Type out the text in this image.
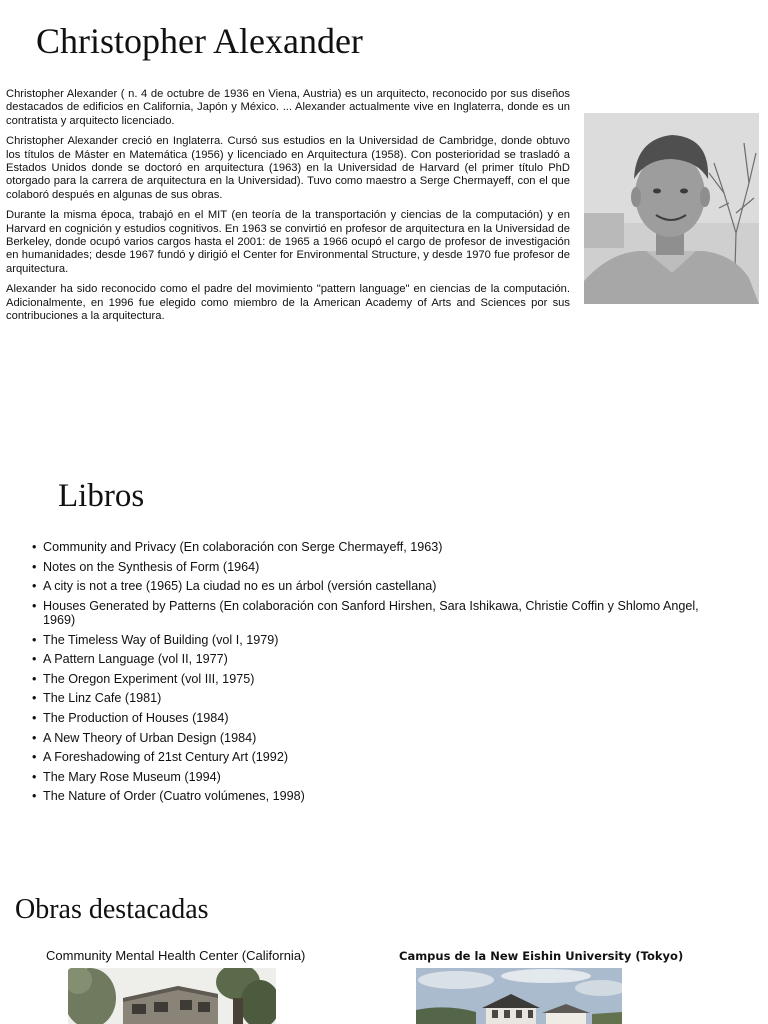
Christopher Alexander

Christopher Alexander ( n. 4 de octubre de 1936 en Viena, Austria) es un arquitecto, reconocido por sus diseños destacados de edificios en California, Japón y México. ... Alexander actualmente vive en Inglaterra, donde es un contratista y arquitecto licenciado.

Christopher Alexander creció en Inglaterra. Cursó sus estudios en la Universidad de Cambridge, donde obtuvo los títulos de Máster en Matemática (1956) y licenciado en Arquitectura (1958). Con posterioridad se trasladó a Estados Unidos donde se doctoró en arquitectura (1963) en la Universidad de Harvard (el primer título PhD otorgado para la carrera de arquitectura en la Universidad). Tuvo como maestro a Serge Chermayeff, con el que colaboró después en algunas de sus obras.

Durante la misma época, trabajó en el MIT (en teoría de la transportación y ciencias de la computación) y en Harvard en cognición y estudios cognitivos. En 1963 se convirtió en profesor de arquitectura en la Universidad de Berkeley, donde ocupó varios cargos hasta el 2001: de 1965 a 1966 ocupó el cargo de profesor de investigación en humanidades; desde 1967 fundó y dirigió el Center for Environmental Structure, y desde 1970 fue profesor de arquitectura.

Alexander ha sido reconocido como el padre del movimiento "pattern language" en ciencias de la computación. Adicionalmente, en 1996 fue elegido como miembro de la American Academy of Arts and Sciences por sus contribuciones a la arquitectura.

Libros
• Community and Privacy (En colaboración con Serge Chermayeff, 1963)
• Notes on the Synthesis of Form (1964)
• A city is not a tree (1965) La ciudad no es un árbol (versión castellana)
• Houses Generated by Patterns (En colaboración con Sanford Hirshen, Sara Ishikawa, Christie Coffin y Shlomo Angel, 1969)
• The Timeless Way of Building (vol I, 1979)
• A Pattern Language (vol II, 1977)
• The Oregon Experiment (vol III, 1975)
• The Linz Cafe (1981)
• The Production of Houses (1984)
• A New Theory of Urban Design (1984)
• A Foreshadowing of 21st Century Art (1992)
• The Mary Rose Museum (1994)
• The Nature of Order (Cuatro volúmenes, 1998)
Obras destacadas
Community Mental Health Center (California)	Campus de la New Eishin University (Tokyo)
